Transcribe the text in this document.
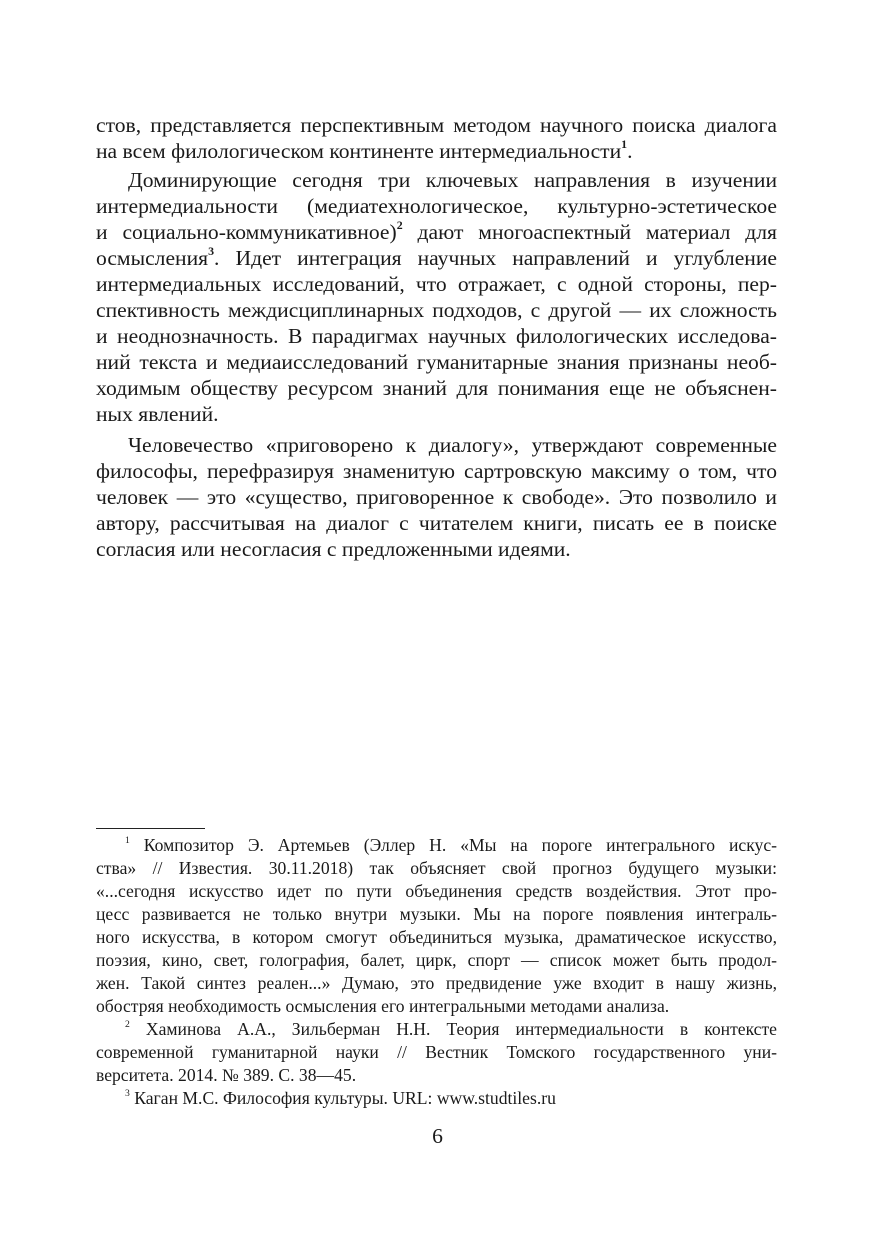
стов, представляется перспективным методом научного поиска диалога
на всем филологическом континенте интермедиальности$^1$.
Доминирующие сегодня три ключевых направления в изучении
интермедиальности (медиатехнологическое, культурно-эстетическое
и социально-коммуникативное)$^2$ дают многоаспектный материал для
осмысления$^3$. Идет интеграция научных направлений и углубление
интермедиальных исследований, что отражает, с одной стороны, пер-
спективность междисциплинарных подходов, с другой — их сложность
и неоднозначность. В парадигмах научных филологических исследова-
ний текста и медиаисследований гуманитарные знания признаны необ-
ходимым обществу ресурсом знаний для понимания еще не объяснен-
ных явлений.
Человечество «приговорено к диалогу», утверждают современные
философы, перефразируя знаменитую сартровскую максиму о том, что
человек — это «существо, приговоренное к свободе». Это позволило и
автору, рассчитывая на диалог с читателем книги, писать ее в поиске
согласия или несогласия с предложенными идеями.
$^1$ Композитор Э. Артемьев (Эллер Н. «Мы на пороге интегрального искус-
ства» // Известия. 30.11.2018) так объясняет свой прогноз будущего музыки:
«...сегодня искусство идет по пути объединения средств воздействия. Этот про-
цесс развивается не только внутри музыки. Мы на пороге появления интеграль-
ного искусства, в котором смогут объединиться музыка, драматическое искусство,
поэзия, кино, свет, голография, балет, цирк, спорт — список может быть продол-
жен. Такой синтез реален...» Думаю, это предвидение уже входит в нашу жизнь,
обостряя необходимость осмысления его интегральными методами анализа.
$^2$ Хаминова А.А., Зильберман Н.Н. Теория интермедиальности в контексте
современной гуманитарной науки // Вестник Томского государственного уни-
верситета. 2014. № 389. С. 38—45.
$^3$ Каган М.С. Философия культуры. URL: www.studtiles.ru
6
